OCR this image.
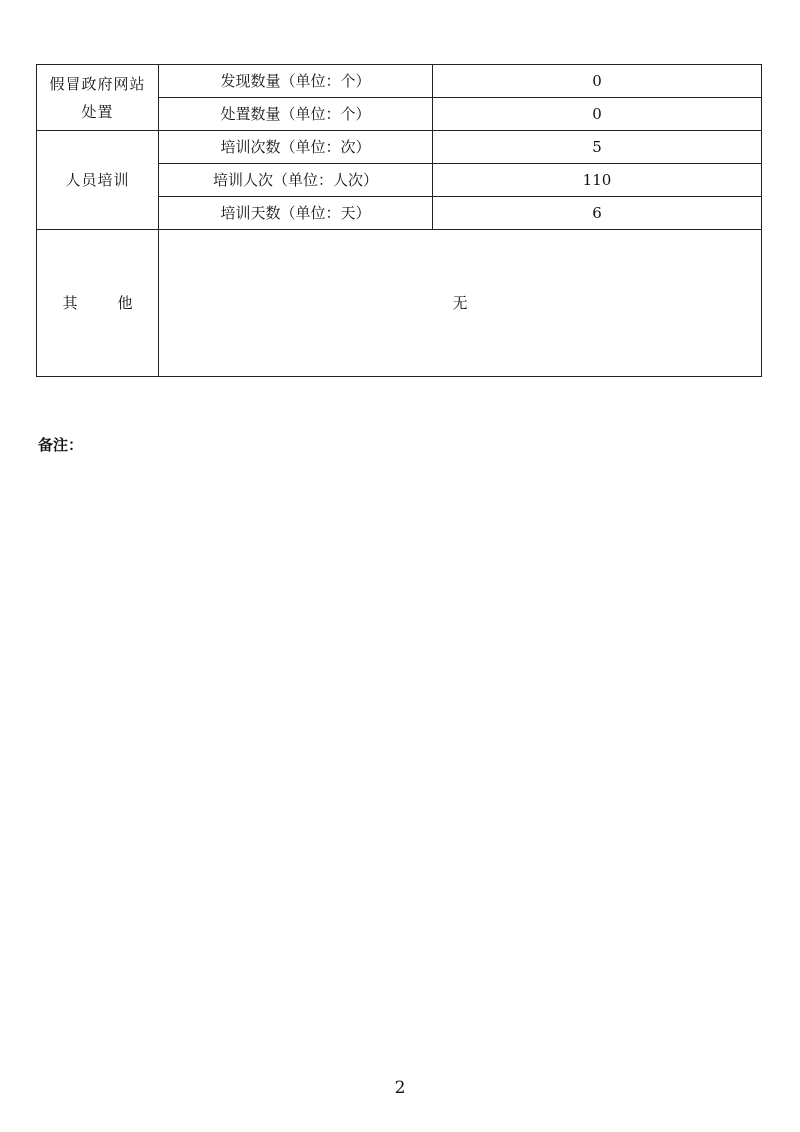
假冒政府网站处置	发现数量（单位：个）	0
	处置数量（单位：个）	0
人员培训	培训次数（单位：次）	5
	培训人次（单位：人次）	110
	培训天数（单位：天）	6
其 他	无	
备注：
2
